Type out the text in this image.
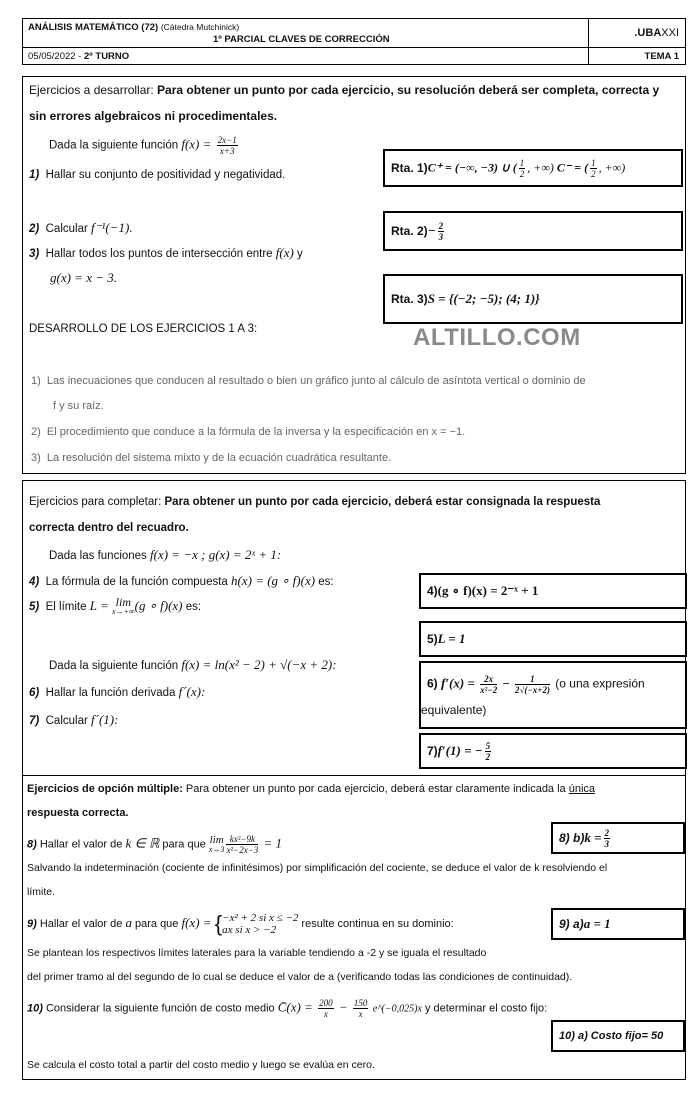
ANÁLISIS MATEMÁTICO (72) (Cátedra Mutchinick)
1º PARCIAL CLAVES DE CORRECCIÓN
.UBAXXI
05/05/2022 - 2º TURNO	TEMA 1
Ejercicios a desarrollar: Para obtener un punto por cada ejercicio, su resolución deberá ser completa, correcta y
sin errores algebraicos ni procedimentales.
Dada la siguiente función $f(x) = \frac{2x-1}{x+3}$
1) Hallar su conjunto de positividad y negatividad.
2) Calcular f⁻¹(−1).
3) Hallar todos los puntos de intersección entre f(x) y
g(x) = x − 3.
Rta. 1) C⁺ = (−∞, −3) ∪ ( $\frac{1}{2}$ , +∞) C⁻ = ( $\frac{1}{2}$ , +∞)
Rta. $2) - \frac{2}{3}$
Rta. 3) S = {(−2; −5); (4; 1)}
DESARROLLO DE LOS EJERCICIOS 1 A 3:	ALTILLO.COM
1) Las inecuaciones que conducen al resultado o bien un gráfico junto al cálculo de asíntota vertical o dominio de
f y su raíz.
2) El procedimiento que conduce a la fórmula de la inversa y la especificación en x = −1.
3) La resolución del sistema mixto y de la ecuación cuadrática resultante.
Ejercicios para completar: Para obtener un punto por cada ejercicio, deberá estar consignada la respuesta
correcta dentro del recuadro.
Dada las funciones f(x) = −x ; g(x) = 2ˣ + 1:
4) La fórmula de la función compuesta h(x) = (g ∘ f)(x) es:
5) El límite L = lim
x→+∞ (g ∘ f)(x) es:
Dada la siguiente función f(x) = ln(x² − 2) + √(−x + 2):
6) Hallar la función derivada f´(x):
7) Calcular f´(1):
4) (g ∘ f)(x) = 2⁻ˣ + 1
5) L = 1
6) $f'(x) = \frac{2x}{\text{x²−2}} - \frac{1}{2√(-x+2)} (o$ una expresión
equivalente)
7) f′(1) = − $\frac{5}{2}$
Ejercicios de opción múltiple: Para obtener un punto por cada ejercicio, deberá estar claramente indicada la única
respuesta correcta.
8) Hallar el valor de k ∈ ℝ para que lim
$x\to 3 \frac{\text{kx²−9k}}{\text{x²−2x−3}} = 1$	8) b) $k = \frac{2}{3}$
Salvando la indeterminación (cociente de infinitésimos) por simplificación del cociente, se deduce el valor de k resolviendo el
límite.
9) Hallar el valor de a para que f(x) = { −x² + 2 si x ≤ −2
ax si x > −2
resulte continua en su dominio:	9) a) a = 1
Se plantean los respectivos límites laterales para la variable tendiendo a -2 y se iguala el resultado
del primer tramo al del segundo de lo cual se deduce el valor de a (verificando todas las condiciones de continuidad).
10) Considerar la siguiente función de costo medio C̄(x) = $\frac{200}{x} - \frac{150}{x}$ e^(−0,025)x y determinar el costo fijo:
10) a) Costo fijo= 50
Se calcula el costo total a partir del costo medio y luego se evalúa en cero.
